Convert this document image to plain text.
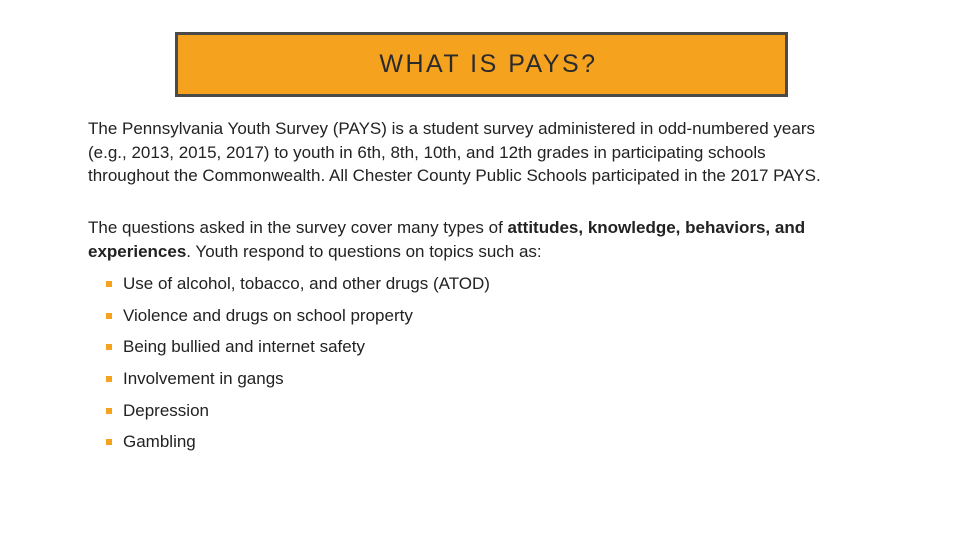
WHAT IS PAYS?

The Pennsylvania Youth Survey (PAYS) is a student survey administered in odd-numbered years (e.g., 2013, 2015, 2017) to youth in 6th, 8th, 10th, and 12th grades in participating schools throughout the Commonwealth. All Chester County Public Schools participated in the 2017 PAYS.

The questions asked in the survey cover many types of attitudes, knowledge, behaviors, and experiences. Youth respond to questions on topics such as:

Use of alcohol, tobacco, and other drugs (ATOD)
Violence and drugs on school property
Being bullied and internet safety
Involvement in gangs
Depression
Gambling
